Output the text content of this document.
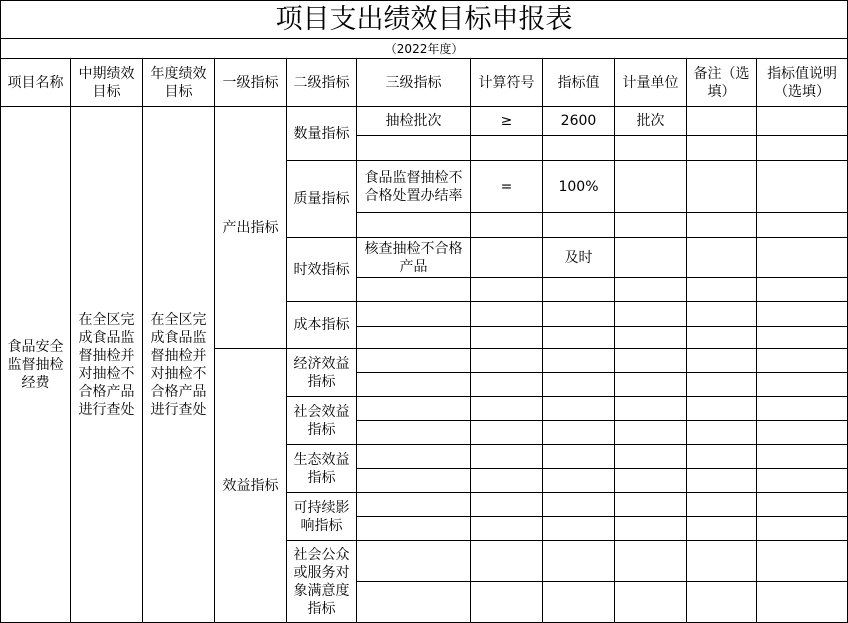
项目支出绩效目标申报表										
（2022年度）										
项目名称	中期绩效目标	年度绩效目标	一级指标	二级指标	三级指标	计算符号	指标值	计量单位	备注（选填）	指标值说明（选填）
食品安全监督抽检经费	在全区完成食品监督抽检并对抽检不合格产品进行查处	在全区完成食品监督抽检并对抽检不合格产品进行查处	产出指标	数量指标	抽检批次	≥	2600	批次		

				质量指标	食品监督抽检不合格处置办结率	=	100%			

				时效指标	核查抽检不合格产品		及时			

				成本指标						

			效益指标	经济效益指标						

				社会效益指标						

				生态效益指标						

				可持续影响指标						

				社会公众或服务对象满意度指标						
